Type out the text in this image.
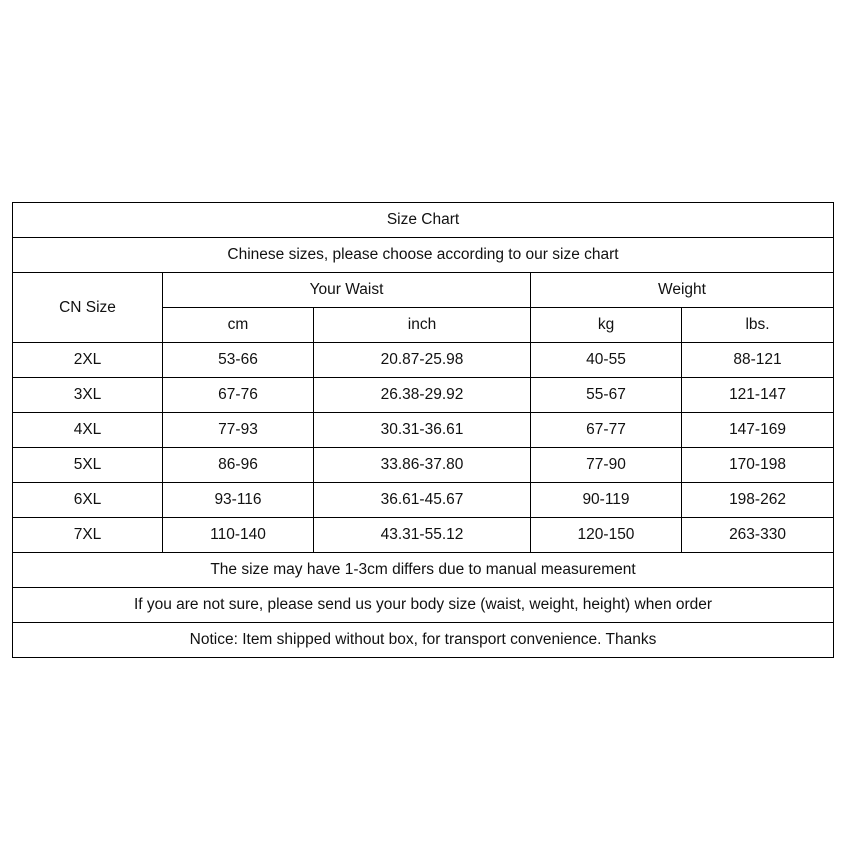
Size Chart				
Chinese sizes, please choose according to our size chart				
CN Size	Your Waist		Weight	
	cm	inch	kg	lbs.
2XL	53-66	20.87-25.98	40-55	88-121
3XL	67-76	26.38-29.92	55-67	121-147
4XL	77-93	30.31-36.61	67-77	147-169
5XL	86-96	33.86-37.80	77-90	170-198
6XL	93-116	36.61-45.67	90-119	198-262
7XL	110-140	43.31-55.12	120-150	263-330
The size may have 1-3cm differs due to manual measurement				
If you are not sure, please send us your body size (waist, weight, height) when order				
Notice: Item shipped without box, for transport convenience. Thanks				
